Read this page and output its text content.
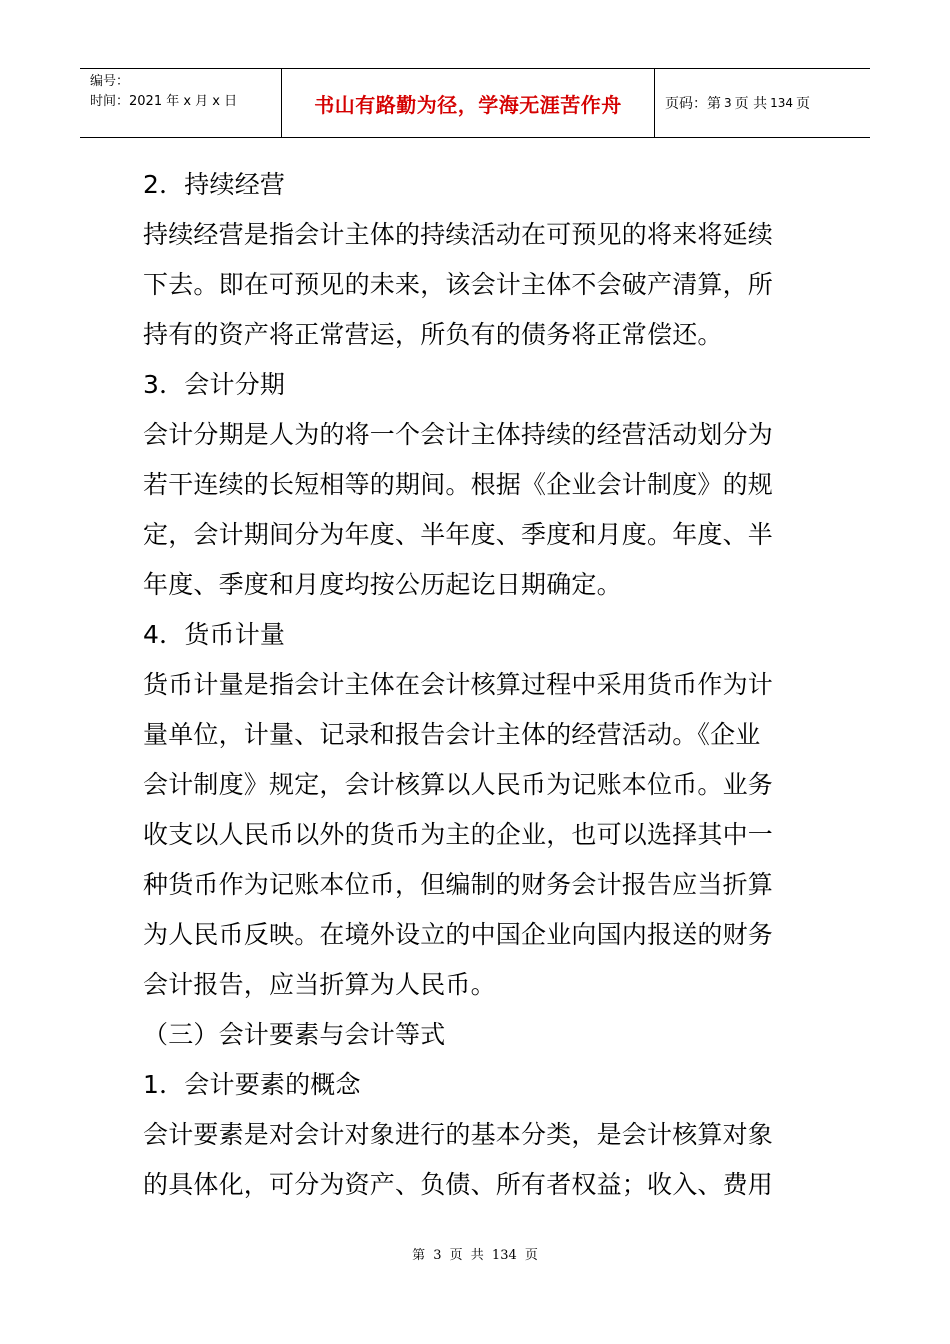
编号：
时间：2021 年 x 月 x 日	书山有路勤为径，学海无涯苦作舟	页码：第 3 页 共 134 页
2．持续经营
持续经营是指会计主体的持续活动在可预见的将来将延续
下去。即在可预见的未来，该会计主体不会破产清算，所
持有的资产将正常营运，所负有的债务将正常偿还。
3．会计分期
会计分期是人为的将一个会计主体持续的经营活动划分为
若干连续的长短相等的期间。根据《企业会计制度》的规
定，会计期间分为年度、半年度、季度和月度。年度、半
年度、季度和月度均按公历起讫日期确定。
4．货币计量
货币计量是指会计主体在会计核算过程中采用货币作为计
量单位，计量、记录和报告会计主体的经营活动。《企业
会计制度》规定，会计核算以人民币为记账本位币。业务
收支以人民币以外的货币为主的企业，也可以选择其中一
种货币作为记账本位币，但编制的财务会计报告应当折算
为人民币反映。在境外设立的中国企业向国内报送的财务
会计报告，应当折算为人民币。
（三）会计要素与会计等式
1．会计要素的概念
会计要素是对会计对象进行的基本分类，是会计核算对象
的具体化，可分为资产、负债、所有者权益；收入、费用
第 3 页 共 134 页
